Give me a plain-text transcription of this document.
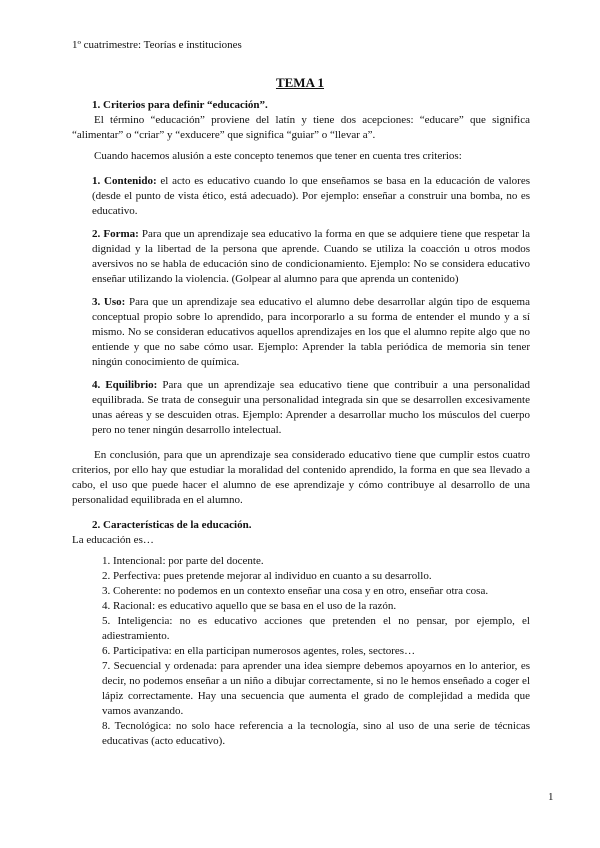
1º cuatrimestre: Teorías e instituciones
TEMA 1

1. Criterios para definir “educación”.

El término “educación” proviene del latín y tiene dos acepciones: “educare” que significa “alimentar” o “criar” y “exducere” que significa “guiar” o “llevar a”.

Cuando hacemos alusión a este concepto tenemos que tener en cuenta tres criterios:

1. Contenido: el acto es educativo cuando lo que enseñamos se basa en la educación de valores (desde el punto de vista ético, está adecuado). Por ejemplo: enseñar a construir una bomba, no es educativo.

2. Forma: Para que un aprendizaje sea educativo la forma en que se adquiere tiene que respetar la dignidad y la libertad de la persona que aprende. Cuando se utiliza la coacción u otros modos aversivos no se habla de educación sino de condicionamiento. Ejemplo: No se considera educativo enseñar utilizando la violencia. (Golpear al alumno para que aprenda un contenido)

3. Uso: Para que un aprendizaje sea educativo el alumno debe desarrollar algún tipo de esquema conceptual propio sobre lo aprendido, para incorporarlo a su forma de entender el mundo y a sí mismo. No se consideran educativos aquellos aprendizajes en los que el alumno repite algo que no entiende y que no sabe cómo usar. Ejemplo: Aprender la tabla periódica de memoria sin tener ningún conocimiento de química.

4. Equilibrio: Para que un aprendizaje sea educativo tiene que contribuir a una personalidad equilibrada. Se trata de conseguir una personalidad integrada sin que se desarrollen excesivamente unas aéreas y se descuiden otras. Ejemplo: Aprender a desarrollar mucho los músculos del cuerpo pero no tener ningún desarrollo intelectual.

En conclusión, para que un aprendizaje sea considerado educativo tiene que cumplir estos cuatro criterios, por ello hay que estudiar la moralidad del contenido aprendido, la forma en que sea llevado a cabo, el uso que puede hacer el alumno de ese aprendizaje y cómo contribuye al desarrollo de una personalidad equilibrada en el alumno.

2. Características de la educación.

La educación es…

1. Intencional: por parte del docente.
2. Perfectiva: pues pretende mejorar al individuo en cuanto a su desarrollo.
3. Coherente: no podemos en un contexto enseñar una cosa y en otro, enseñar otra cosa.
4. Racional: es educativo aquello que se basa en el uso de la razón.
5. Inteligencia: no es educativo acciones que pretenden el no pensar, por ejemplo, el adiestramiento.
6. Participativa: en ella participan numerosos agentes, roles, sectores…
7. Secuencial y ordenada: para aprender una idea siempre debemos apoyarnos en lo anterior, es decir, no podemos enseñar a un niño a dibujar correctamente, si no le hemos enseñado a coger el lápiz correctamente. Hay una secuencia que aumenta el grado de complejidad a medida que vamos avanzando.
8. Tecnológica: no solo hace referencia a la tecnología, sino al uso de una serie de técnicas educativas (acto educativo).
1
